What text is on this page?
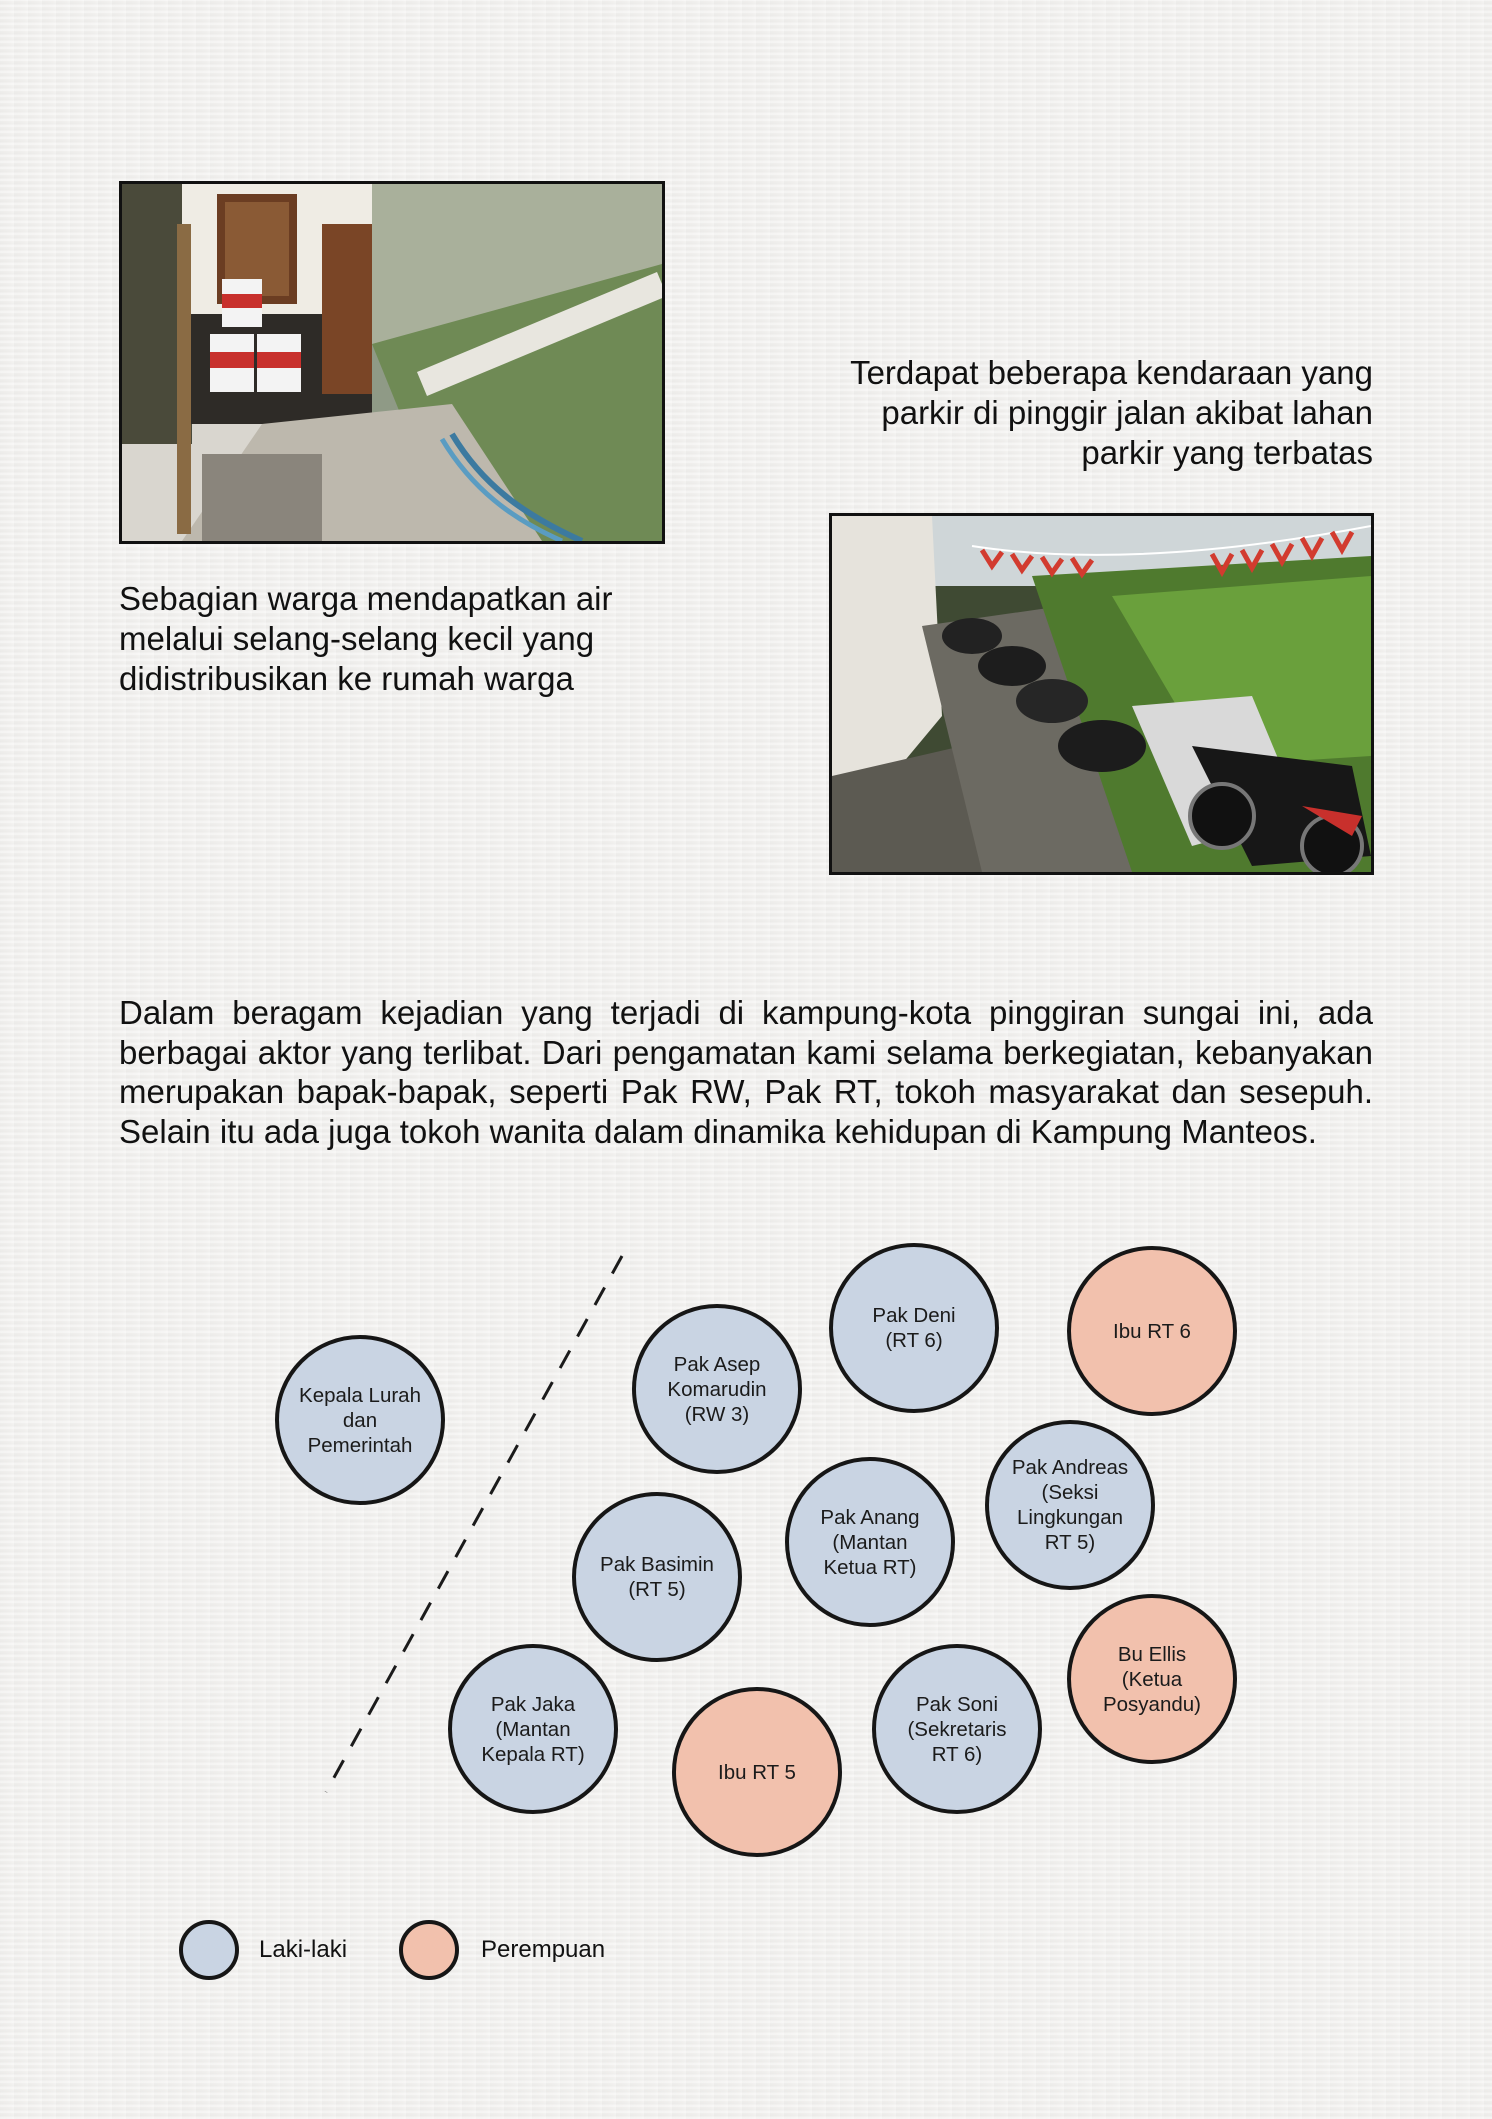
Terdapat beberapa kendaraan yang
parkir di pinggir jalan akibat lahan
parkir yang terbatas
Sebagian warga mendapatkan air
melalui selang-selang kecil yang
didistribusikan ke rumah warga
Dalam beragam kejadian yang terjadi di kampung-kota pinggiran sungai ini, ada berbagai aktor yang terlibat. Dari pengamatan kami selama berkegiatan, kebanyakan merupakan bapak-bapak, seperti Pak RW, Pak RT, tokoh masyarakat dan sesepuh. Selain itu ada juga tokoh wanita dalam dinamika kehidupan di Kampung Manteos.
Kepala Lurah
dan
Pemerintah
Pak Asep
Komarudin
(RW 3)
Pak Deni
(RT 6)	Ibu RT 6
Pak Andreas
(Seksi
Lingkungan
RT 5)
Pak Anang
(Mantan
Ketua RT)
Pak Basimin
(RT 5)
Bu Ellis
(Ketua
Posyandu)
Pak Jaka
(Mantan
Kepala RT)
Pak Soni
(Sekretaris
RT 6)
Ibu RT 5
Laki-laki	Perempuan
